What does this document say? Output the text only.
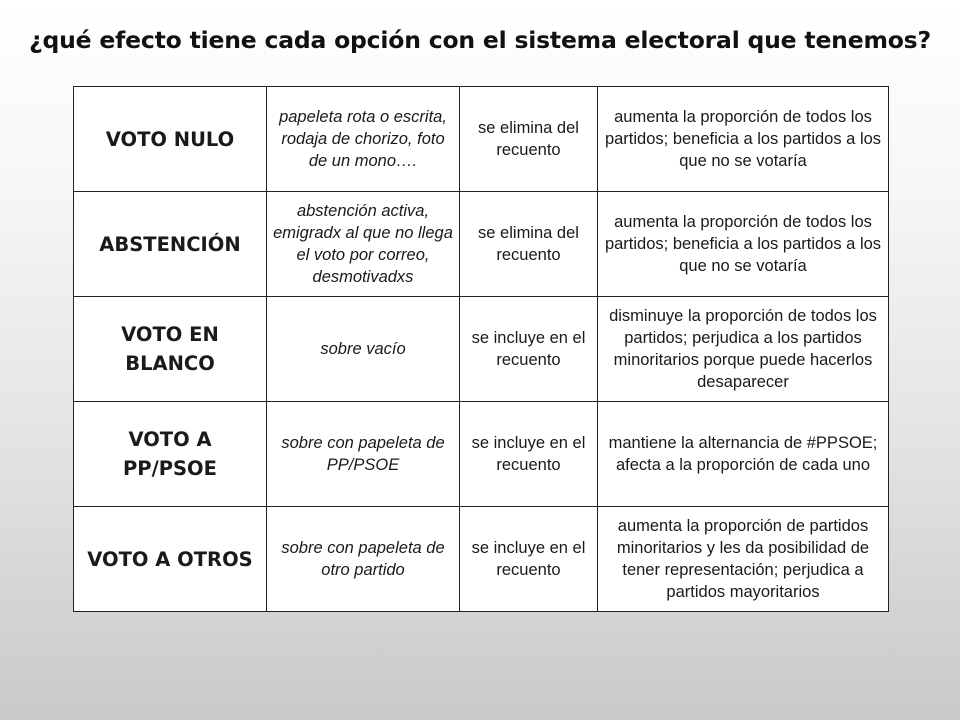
¿qué efecto tiene cada opción con el sistema electoral que tenemos?
VOTO NULO	papeleta rota o escrita, rodaja de chorizo, foto de un mono….	se elimina del recuento	aumenta la proporción de todos los partidos; beneficia a los partidos a los que no se votaría
ABSTENCIÓN	abstención activa, emigradx al que no llega el voto por correo, desmotivadxs	se elimina del recuento	aumenta la proporción de todos los partidos; beneficia a los partidos a los que no se votaría
VOTO EN BLANCO	sobre vacío	se incluye en el recuento	disminuye la proporción de todos los partidos; perjudica a los partidos minoritarios porque puede hacerlos desaparecer
VOTO A PP/PSOE	sobre con papeleta de PP/PSOE	se incluye en el recuento	mantiene la alternancia de #PPSOE; afecta a la proporción de cada uno
VOTO A OTROS	sobre con papeleta de otro partido	se incluye en el recuento	aumenta la proporción de partidos minoritarios y les da posibilidad de tener representación; perjudica a partidos mayoritarios
